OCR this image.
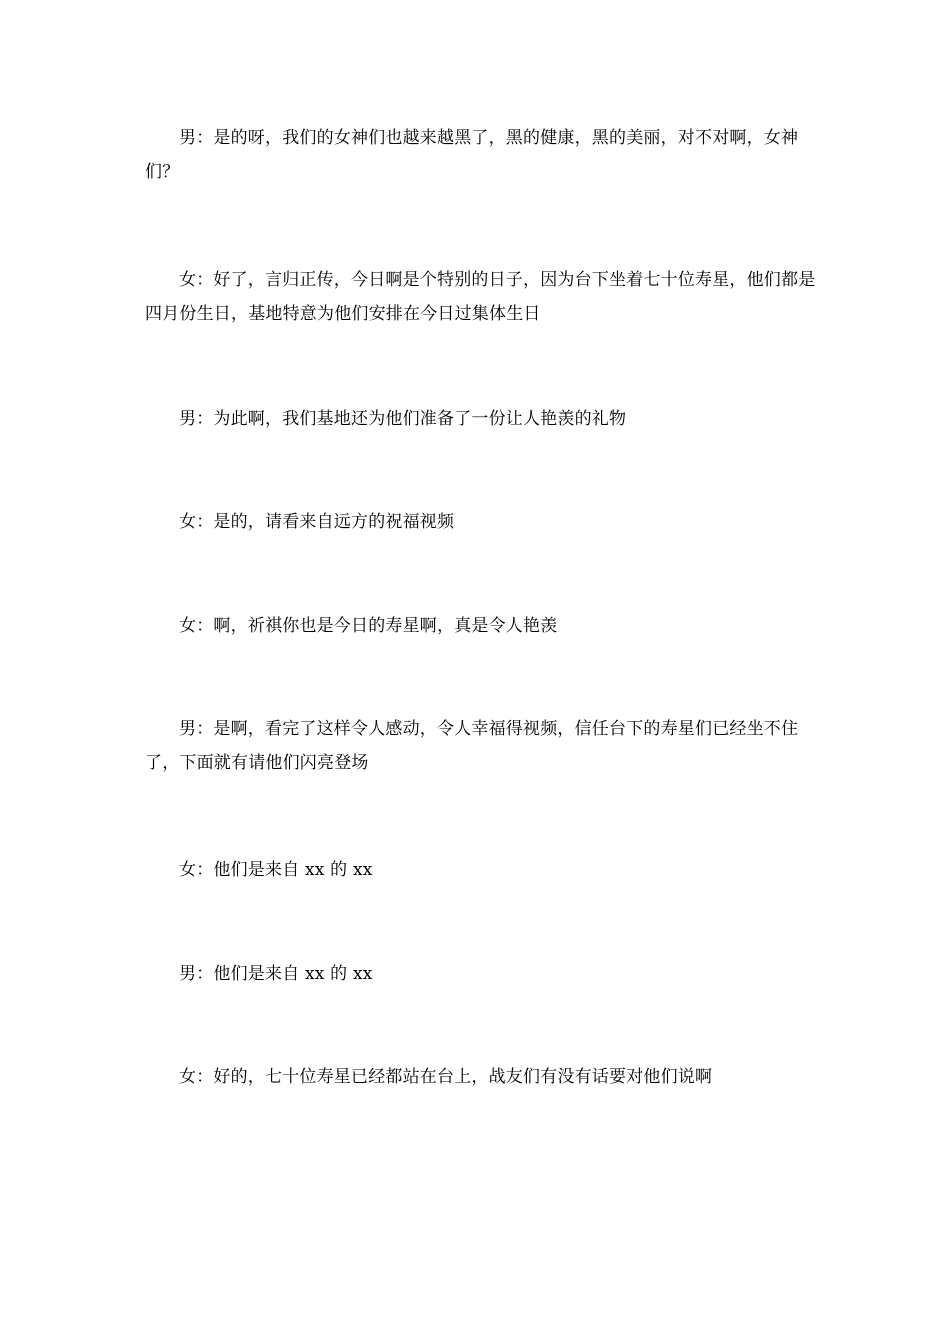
男：是的呀，我们的女神们也越来越黑了，黑的健康，黑的美丽，对不对啊，女神们？

女：好了，言归正传，今日啊是个特别的日子，因为台下坐着七十位寿星，他们都是四月份生日，基地特意为他们安排在今日过集体生日

男：为此啊，我们基地还为他们准备了一份让人艳羡的礼物

女：是的，请看来自远方的祝福视频

女：啊，祈祺你也是今日的寿星啊，真是令人艳羡

男：是啊，看完了这样令人感动，令人幸福得视频，信任台下的寿星们已经坐不住了，下面就有请他们闪亮登场

女：他们是来自 xx 的 xx

男：他们是来自 xx 的 xx

女：好的，七十位寿星已经都站在台上，战友们有没有话要对他们说啊
